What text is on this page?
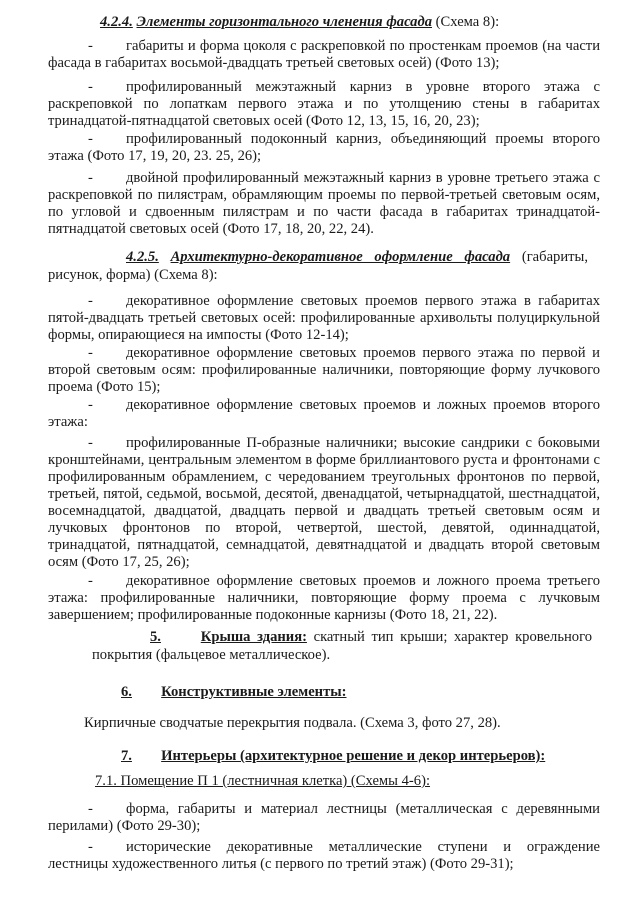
4.2.4. Элементы горизонтального членения фасада (Схема 8):
- габариты и форма цоколя с раскреповкой по простенкам проемов (на части фасада в габаритах восьмой-двадцать третьей световых осей) (Фото 13);
- профилированный межэтажный карниз в уровне второго этажа с раскреповкой по лопаткам первого этажа и по утолщению стены в габаритах тринадцатой-пятнадцатой световых осей (Фото 12, 13, 15, 16, 20, 23);
- профилированный подоконный карниз, объединяющий проемы второго этажа (Фото 17, 19, 20, 23. 25, 26);
- двойной профилированный межэтажный карниз в уровне третьего этажа с раскреповкой по пилястрам, обрамляющим проемы по первой-третьей световым осям, по угловой и сдвоенным пилястрам и по части фасада в габаритах тринадцатой-пятнадцатой световых осей (Фото 17, 18, 20, 22, 24).
4.2.5. Архитектурно-декоративное оформление фасада (габариты, рисунок, форма) (Схема 8):
- декоративное оформление световых проемов первого этажа в габаритах пятой-двадцать третьей световых осей: профилированные архивольты полуциркульной формы, опирающиеся на импосты (Фото 12-14);
- декоративное оформление световых проемов первого этажа по первой и второй световым осям: профилированные наличники, повторяющие форму лучкового проема (Фото 15);
- декоративное оформление световых проемов и ложных проемов второго этажа:
- профилированные П-образные наличники; высокие сандрики с боковыми кронштейнами, центральным элементом в форме бриллиантового руста и фронтонами с профилированным обрамлением, с чередованием треугольных фронтонов по первой, третьей, пятой, седьмой, восьмой, десятой, двенадцатой, четырнадцатой, шестнадцатой, восемнадцатой, двадцатой, двадцать первой и двадцать третьей световым осям и лучковых фронтонов по второй, четвертой, шестой, девятой, одиннадцатой, тринадцатой, пятнадцатой, семнадцатой, девятнадцатой и двадцать второй световым осям (Фото 17, 25, 26);
- декоративное оформление световых проемов и ложного проема третьего этажа: профилированные наличники, повторяющие форму проема с лучковым завершением; профилированные подоконные карнизы (Фото 18, 21, 22).
5.	Крыша здания: скатный тип крыши; характер кровельного покрытия (фальцевое металлическое).
6. Конструктивные элементы:
Кирпичные сводчатые перекрытия подвала. (Схема 3, фото 27, 28).
7. Интерьеры (архитектурное решение и декор интерьеров):
7.1. Помещение П 1 (лестничная клетка) (Схемы 4-6):
- форма, габариты и материал лестницы (металлическая с деревянными перилами) (Фото 29-30);
- исторические декоративные металлические ступени и ограждение лестницы художественного литья (с первого по третий этаж) (Фото 29-31);
